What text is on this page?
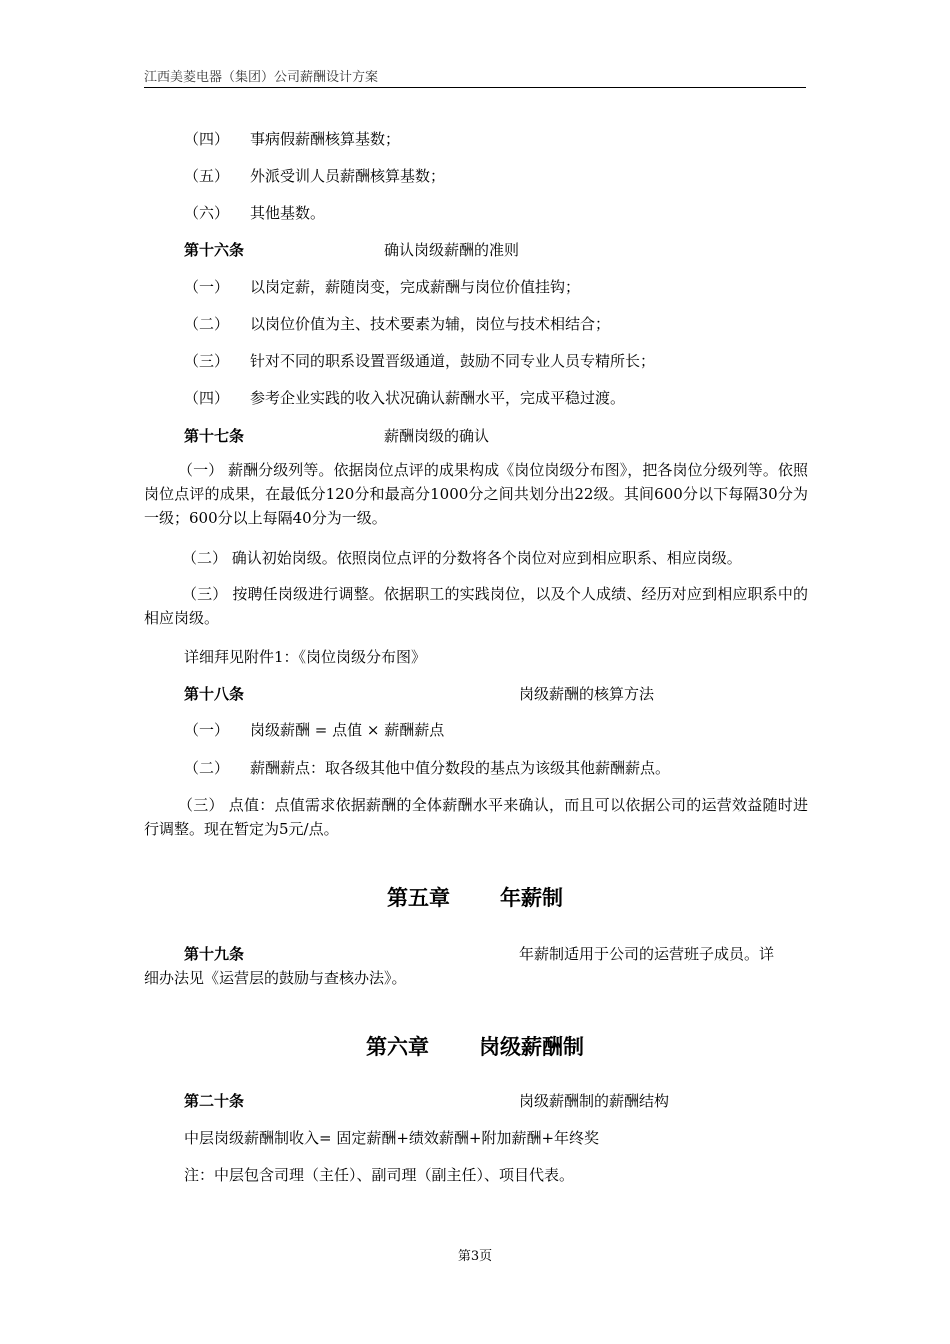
江西美菱电器（集团）公司薪酬设计方案
（四） 事病假薪酬核算基数；
（五） 外派受训人员薪酬核算基数；
（六） 其他基数。
第十六条	确认岗级薪酬的准则
（一） 以岗定薪，薪随岗变，完成薪酬与岗位价值挂钩；
（二） 以岗位价值为主、技术要素为辅，岗位与技术相结合；
（三） 针对不同的职系设置晋级通道，鼓励不同专业人员专精所长；
（四） 参考企业实践的收入状况确认薪酬水平，完成平稳过渡。
第十七条	薪酬岗级的确认
（一） 薪酬分级列等。依据岗位点评的成果构成《岗位岗级分布图》，把各岗位分级列等。依照岗位点评的成果，在最低分120分和最高分1000分之间共划分出22级。其间600分以下每隔30分为一级；600分以上每隔40分为一级。
（二） 确认初始岗级。依照岗位点评的分数将各个岗位对应到相应职系、相应岗级。
（三） 按聘任岗级进行调整。依据职工的实践岗位，以及个人成绩、经历对应到相应职系中的相应岗级。
详细拜见附件1：《岗位岗级分布图》
第十八条	岗级薪酬的核算方法
（一） 岗级薪酬 = 点值 × 薪酬薪点
（二） 薪酬薪点：取各级其他中值分数段的基点为该级其他薪酬薪点。
（三） 点值：点值需求依据薪酬的全体薪酬水平来确认，而且可以依据公司的运营效益随时进行调整。现在暂定为5元/点。
第五章 年薪制
第十九条	年薪制适用于公司的运营班子成员。详
细办法见《运营层的鼓励与查核办法》。
第六章 岗级薪酬制
第二十条	岗级薪酬制的薪酬结构
中层岗级薪酬制收入= 固定薪酬+绩效薪酬+附加薪酬+年终奖
注：中层包含司理（主任）、副司理（副主任）、项目代表。
第3页
